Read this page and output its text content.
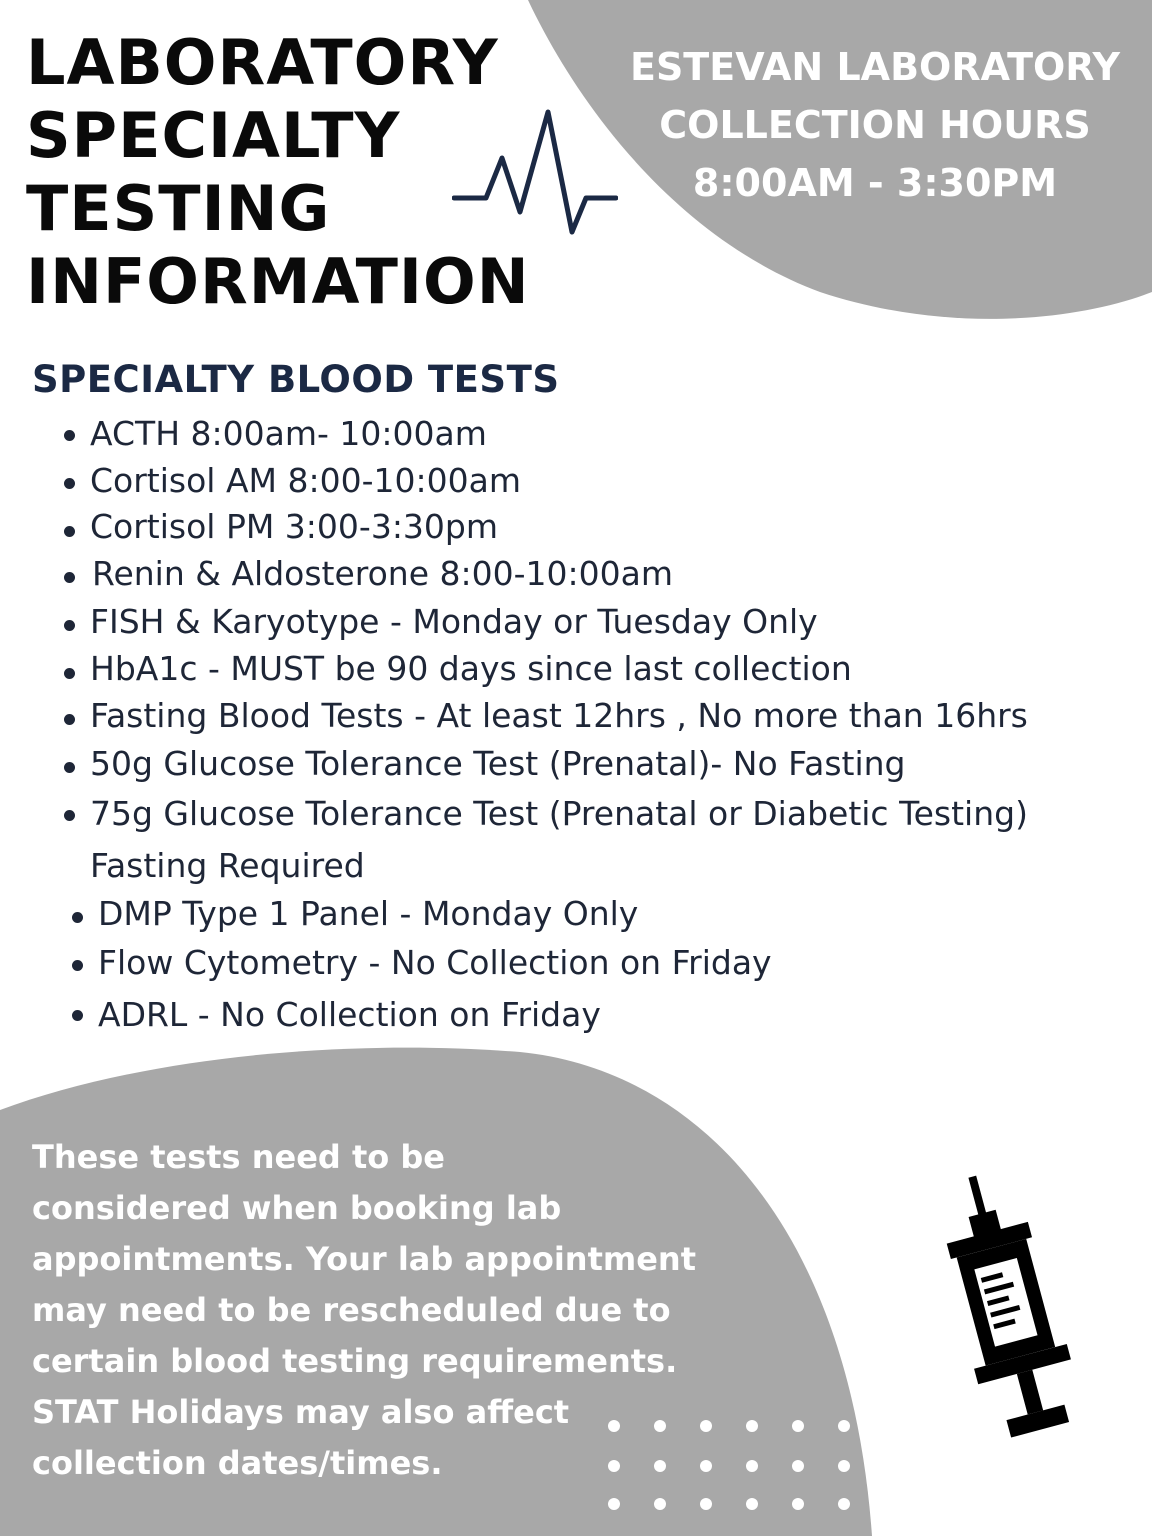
LABORATORY
SPECIALTY
TESTING
INFORMATION
ESTEVAN LABORATORY
COLLECTION HOURS
8:00AM - 3:30PM
SPECIALTY BLOOD TESTS
ACTH 8:00am- 10:00am
Cortisol AM 8:00-10:00am
Cortisol PM 3:00-3:30pm
Renin & Aldosterone 8:00-10:00am
FISH & Karyotype - Monday or Tuesday Only
HbA1c - MUST be 90 days since last collection
Fasting Blood Tests - At least 12hrs , No more than 16hrs
50g Glucose Tolerance Test (Prenatal)- No Fasting
75g Glucose Tolerance Test (Prenatal or Diabetic Testing)
Fasting Required
DMP Type 1 Panel - Monday Only
Flow Cytometry - No Collection on Friday
ADRL - No Collection on Friday
These tests need to be
considered when booking lab
appointments. Your lab appointment
may need to be rescheduled due to
certain blood testing requirements.
STAT Holidays may also affect
collection dates/times.
